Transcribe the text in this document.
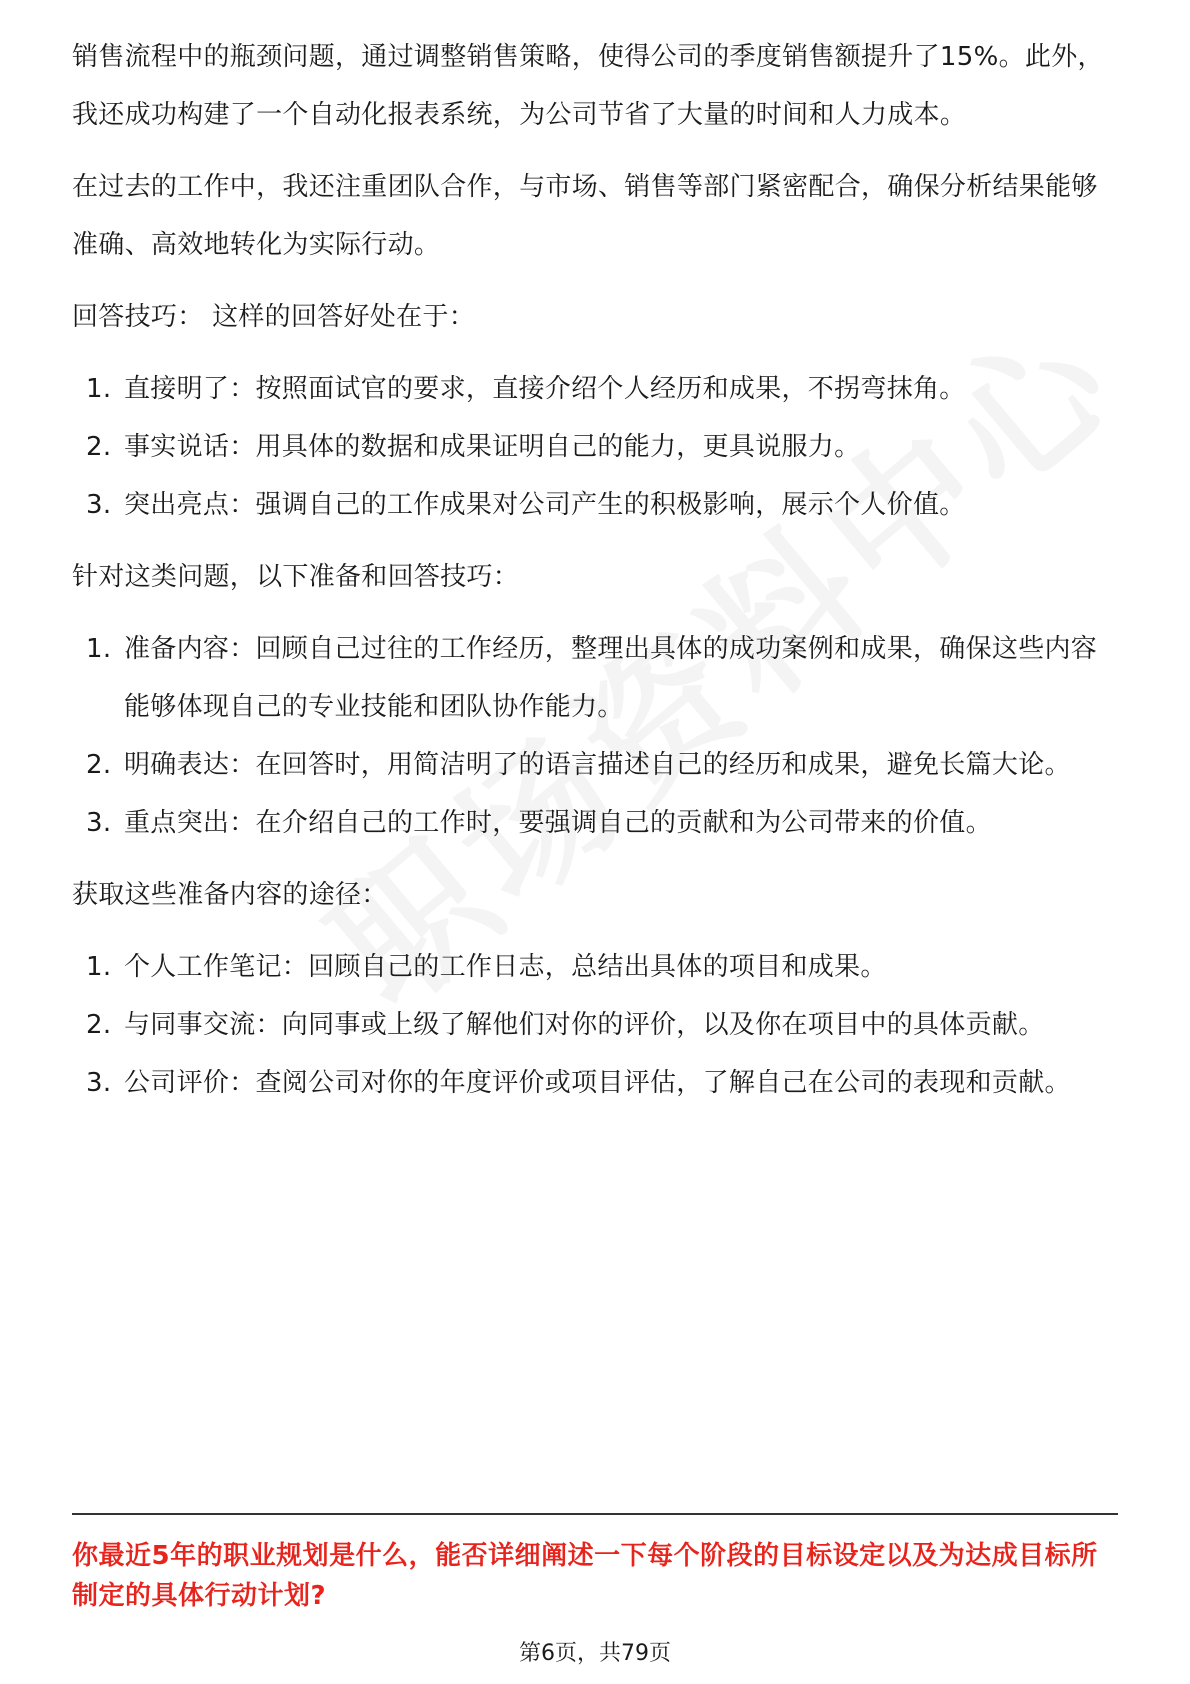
销售流程中的瓶颈问题，通过调整销售策略，使得公司的季度销售额提升了15%。此外，我还成功构建了一个自动化报表系统，为公司节省了大量的时间和人力成本。

在过去的工作中，我还注重团队合作，与市场、销售等部门紧密配合，确保分析结果能够准确、高效地转化为实际行动。

回答技巧： 这样的回答好处在于：

1. 直接明了：按照面试官的要求，直接介绍个人经历和成果，不拐弯抹角。
2. 事实说话：用具体的数据和成果证明自己的能力，更具说服力。
3. 突出亮点：强调自己的工作成果对公司产生的积极影响，展示个人价值。

针对这类问题，以下准备和回答技巧：

1. 准备内容：回顾自己过往的工作经历，整理出具体的成功案例和成果，确保这些内容能够体现自己的专业技能和团队协作能力。
2. 明确表达：在回答时，用简洁明了的语言描述自己的经历和成果，避免长篇大论。
3. 重点突出：在介绍自己的工作时，要强调自己的贡献和为公司带来的价值。

获取这些准备内容的途径：

1. 个人工作笔记：回顾自己的工作日志，总结出具体的项目和成果。
2. 与同事交流：向同事或上级了解他们对你的评价，以及你在项目中的具体贡献。
3. 公司评价：查阅公司对你的年度评价或项目评估，了解自己在公司的表现和贡献。
你最近5年的职业规划是什么，能否详细阐述一下每个阶段的目标设定以及为达成目标所制定的具体行动计划?
第6页，共79页
